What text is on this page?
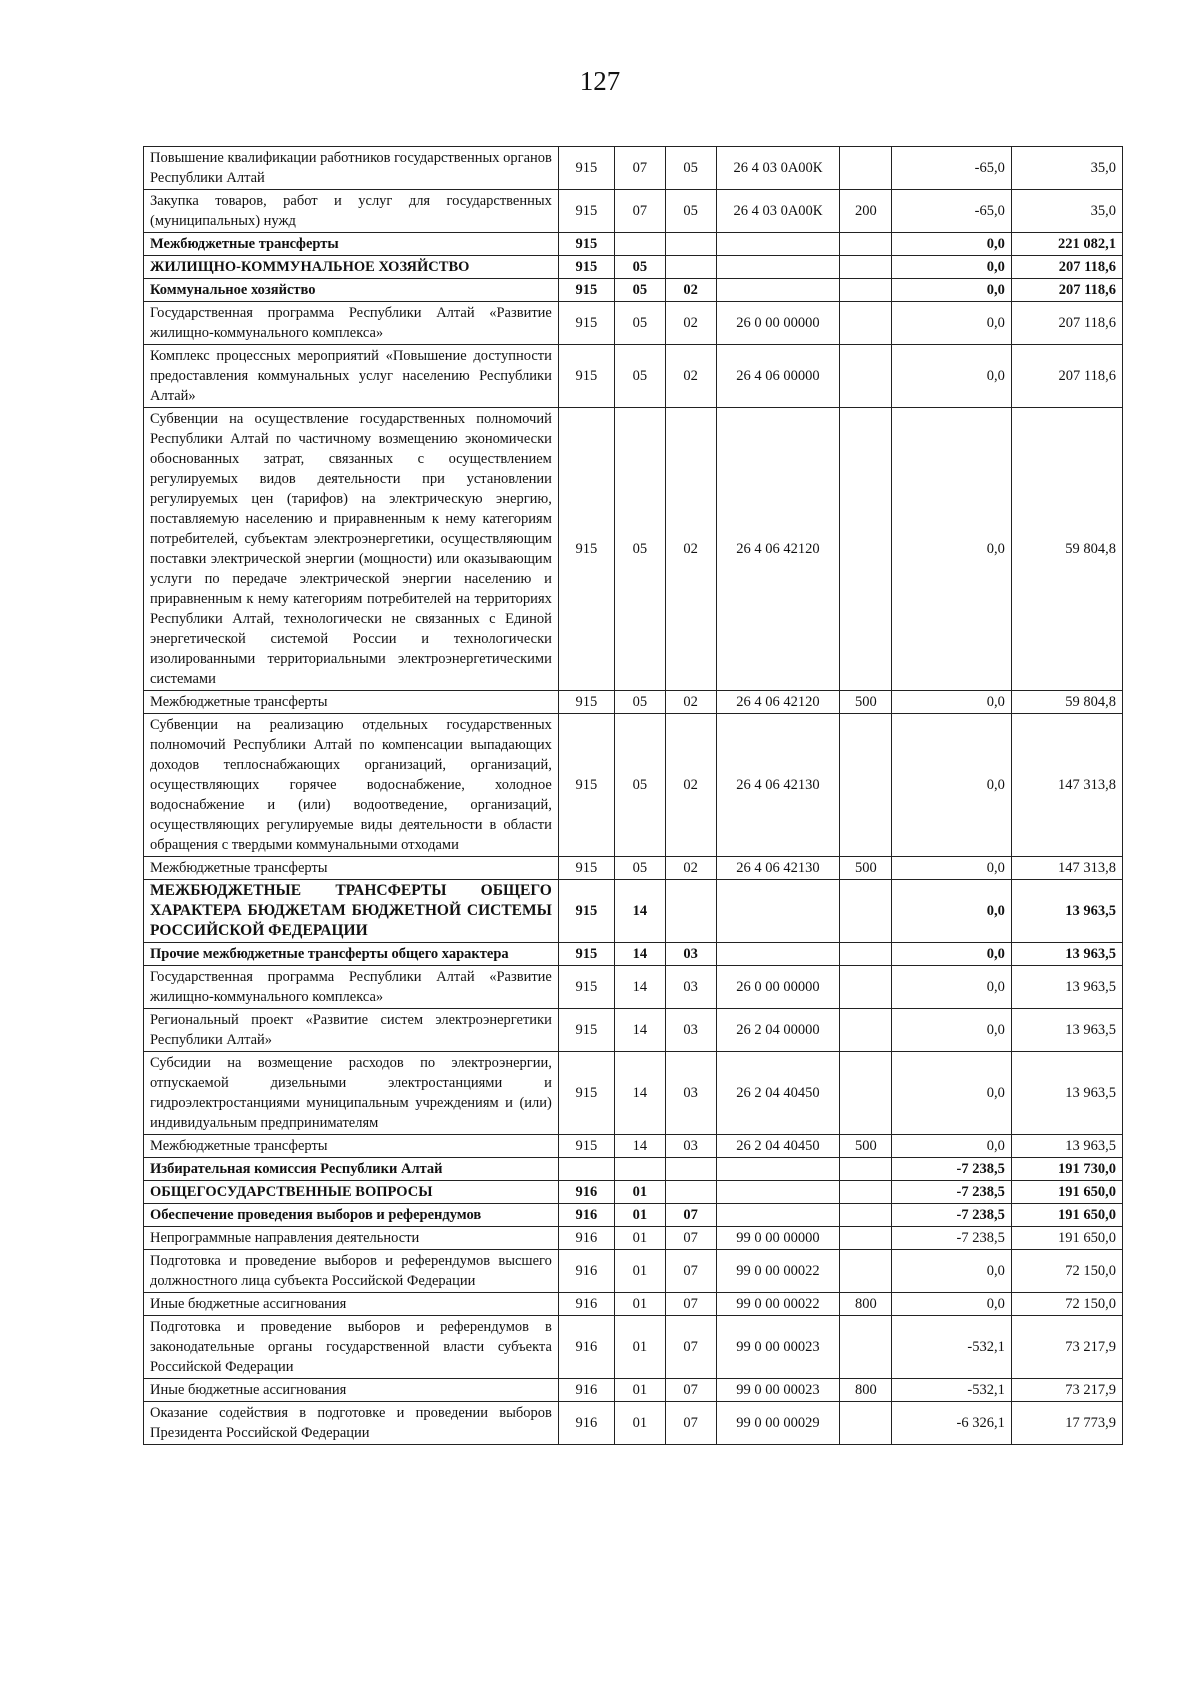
127
Повышение квалификации работников государственных органов Республики Алтай	915	07	05	26 4 03 0А00К		-65,0	35,0
Закупка товаров, работ и услуг для государственных (муниципальных) нужд	915	07	05	26 4 03 0А00К	200	-65,0	35,0
Межбюджетные трансферты	915					0,0	221 082,1
ЖИЛИЩНО-КОММУНАЛЬНОЕ ХОЗЯЙСТВО	915	05				0,0	207 118,6
Коммунальное хозяйство	915	05	02			0,0	207 118,6
Государственная программа Республики Алтай «Развитие жилищно-коммунального комплекса»	915	05	02	26 0 00 00000		0,0	207 118,6
Комплекс процессных мероприятий «Повышение доступности предоставления коммунальных услуг населению Республики Алтай»	915	05	02	26 4 06 00000		0,0	207 118,6
Субвенции на осуществление государственных полномочий Республики Алтай по частичному возмещению экономически обоснованных затрат, связанных с осуществлением регулируемых видов деятельности при установлении регулируемых цен (тарифов) на электрическую энергию, поставляемую населению и приравненным к нему категориям потребителей, субъектам электроэнергетики, осуществляющим поставки электрической энергии (мощности) или оказывающим услуги по передаче электрической энергии населению и приравненным к нему категориям потребителей на территориях Республики Алтай, технологически не связанных с Единой энергетической системой России и технологически изолированными территориальными электроэнергетическими системами	915	05	02	26 4 06 42120		0,0	59 804,8
Межбюджетные трансферты	915	05	02	26 4 06 42120	500	0,0	59 804,8
Субвенции на реализацию отдельных государственных полномочий Республики Алтай по компенсации выпадающих доходов теплоснабжающих организаций, организаций, осуществляющих горячее водоснабжение, холодное водоснабжение и (или) водоотведение, организаций, осуществляющих регулируемые виды деятельности в области обращения с твердыми коммунальными отходами	915	05	02	26 4 06 42130		0,0	147 313,8
Межбюджетные трансферты	915	05	02	26 4 06 42130	500	0,0	147 313,8
МЕЖБЮДЖЕТНЫЕ ТРАНСФЕРТЫ ОБЩЕГО ХАРАКТЕРА БЮДЖЕТАМ БЮДЖЕТНОЙ СИСТЕМЫ РОССИЙСКОЙ ФЕДЕРАЦИИ	915	14				0,0	13 963,5
Прочие межбюджетные трансферты общего характера	915	14	03			0,0	13 963,5
Государственная программа Республики Алтай «Развитие жилищно-коммунального комплекса»	915	14	03	26 0 00 00000		0,0	13 963,5
Региональный проект «Развитие систем электроэнергетики Республики Алтай»	915	14	03	26 2 04 00000		0,0	13 963,5
Субсидии на возмещение расходов по электроэнергии, отпускаемой дизельными электростанциями и гидроэлектростанциями муниципальным учреждениям и (или) индивидуальным предпринимателям	915	14	03	26 2 04 40450		0,0	13 963,5
Межбюджетные трансферты	915	14	03	26 2 04 40450	500	0,0	13 963,5
Избирательная комиссия Республики Алтай						-7 238,5	191 730,0
ОБЩЕГОСУДАРСТВЕННЫЕ ВОПРОСЫ	916	01				-7 238,5	191 650,0
Обеспечение проведения выборов и референдумов	916	01	07			-7 238,5	191 650,0
Непрограммные направления деятельности	916	01	07	99 0 00 00000		-7 238,5	191 650,0
Подготовка и проведение выборов и референдумов высшего должностного лица субъекта Российской Федерации	916	01	07	99 0 00 00022		0,0	72 150,0
Иные бюджетные ассигнования	916	01	07	99 0 00 00022	800	0,0	72 150,0
Подготовка и проведение выборов и референдумов в законодательные органы государственной власти субъекта Российской Федерации	916	01	07	99 0 00 00023		-532,1	73 217,9
Иные бюджетные ассигнования	916	01	07	99 0 00 00023	800	-532,1	73 217,9
Оказание содействия в подготовке и проведении выборов Президента Российской Федерации	916	01	07	99 0 00 00029		-6 326,1	17 773,9
